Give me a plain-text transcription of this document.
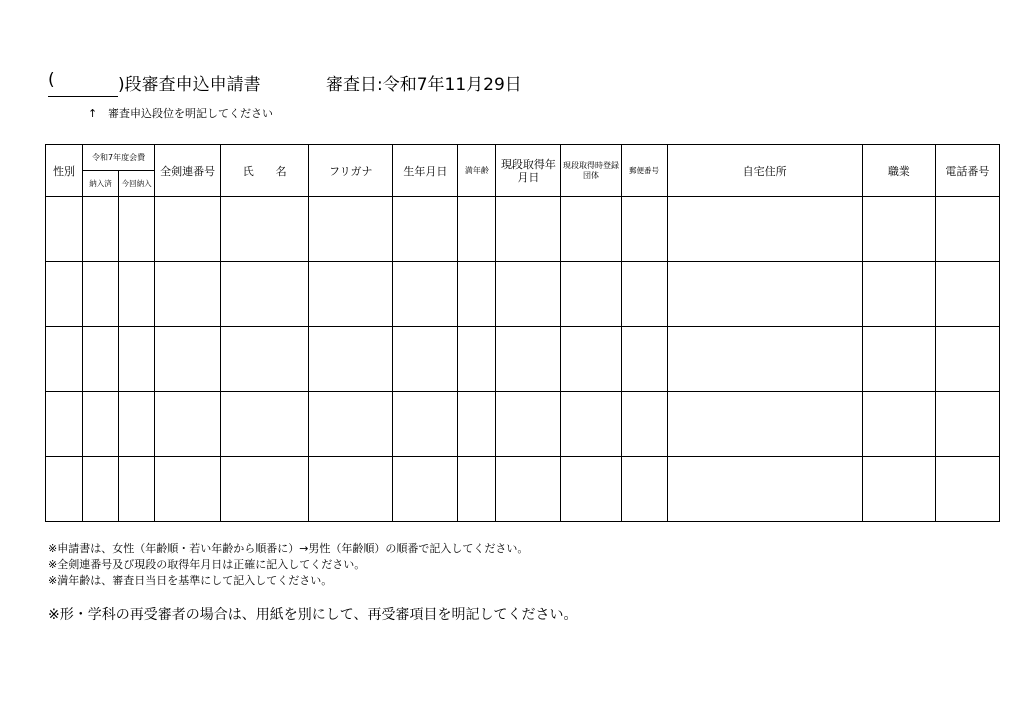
(	)段審査申込申請書	審査日:令和7年11月29日
↑ 審査申込段位を明記してください
性別	令和7年度会費		全剣連番号	氏　　名	フリガナ	生年月日	満年齢	現段取得年月日	現段取得時登録団体	郵便番号	自宅住所	職業	電話番号
	納入済	今回納入											

※申請書は、女性（年齢順・若い年齢から順番に）→男性（年齢順）の順番で記入してください。
※全剣連番号及び現段の取得年月日は正確に記入してください。
※満年齢は、審査日当日を基準にして記入してください。
※形・学科の再受審者の場合は、用紙を別にして、再受審項目を明記してください。
